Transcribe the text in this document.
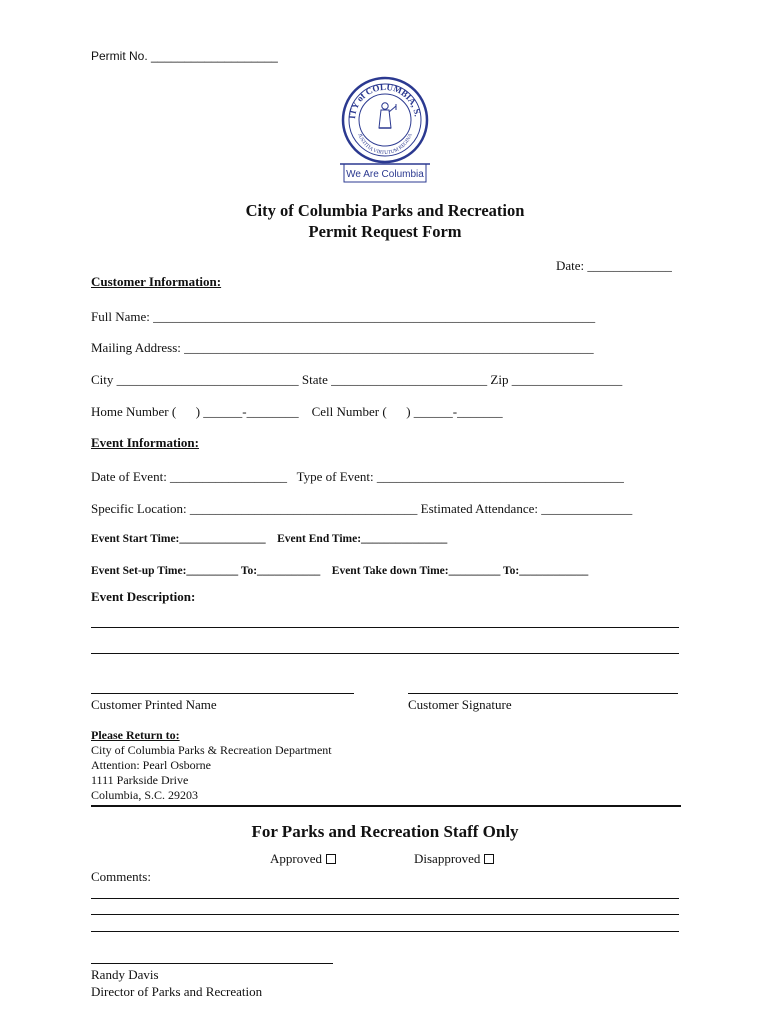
Permit No. ___________________
ITY of COLUMBIA, S.
JUSTITIA VIRTUTUM REGINA
We Are Columbia
City of Columbia Parks and Recreation
Permit Request Form
Date: _____________
Customer Information:
Full Name: ____________________________________________________________________
Mailing Address: _______________________________________________________________
City ____________________________ State ________________________ Zip _________________
Home Number (      ) ______-________    Cell Number (      ) ______-_______
Event Information:
Date of Event: __________________   Type of Event: ______________________________________
Specific Location: ___________________________________ Estimated Attendance: ______________
Event Start Time:_______________    Event End Time:_______________
Event Set-up Time:_________ To:___________    Event Take down Time:_________ To:____________
Event Description:
Customer Printed Name	Customer Signature
Please Return to:
City of Columbia Parks & Recreation Department
Attention: Pearl Osborne
1111 Parkside Drive
Columbia, S.C. 29203
For Parks and Recreation Staff Only
Approved	Disapproved
Comments:
Randy Davis
Director of Parks and Recreation
